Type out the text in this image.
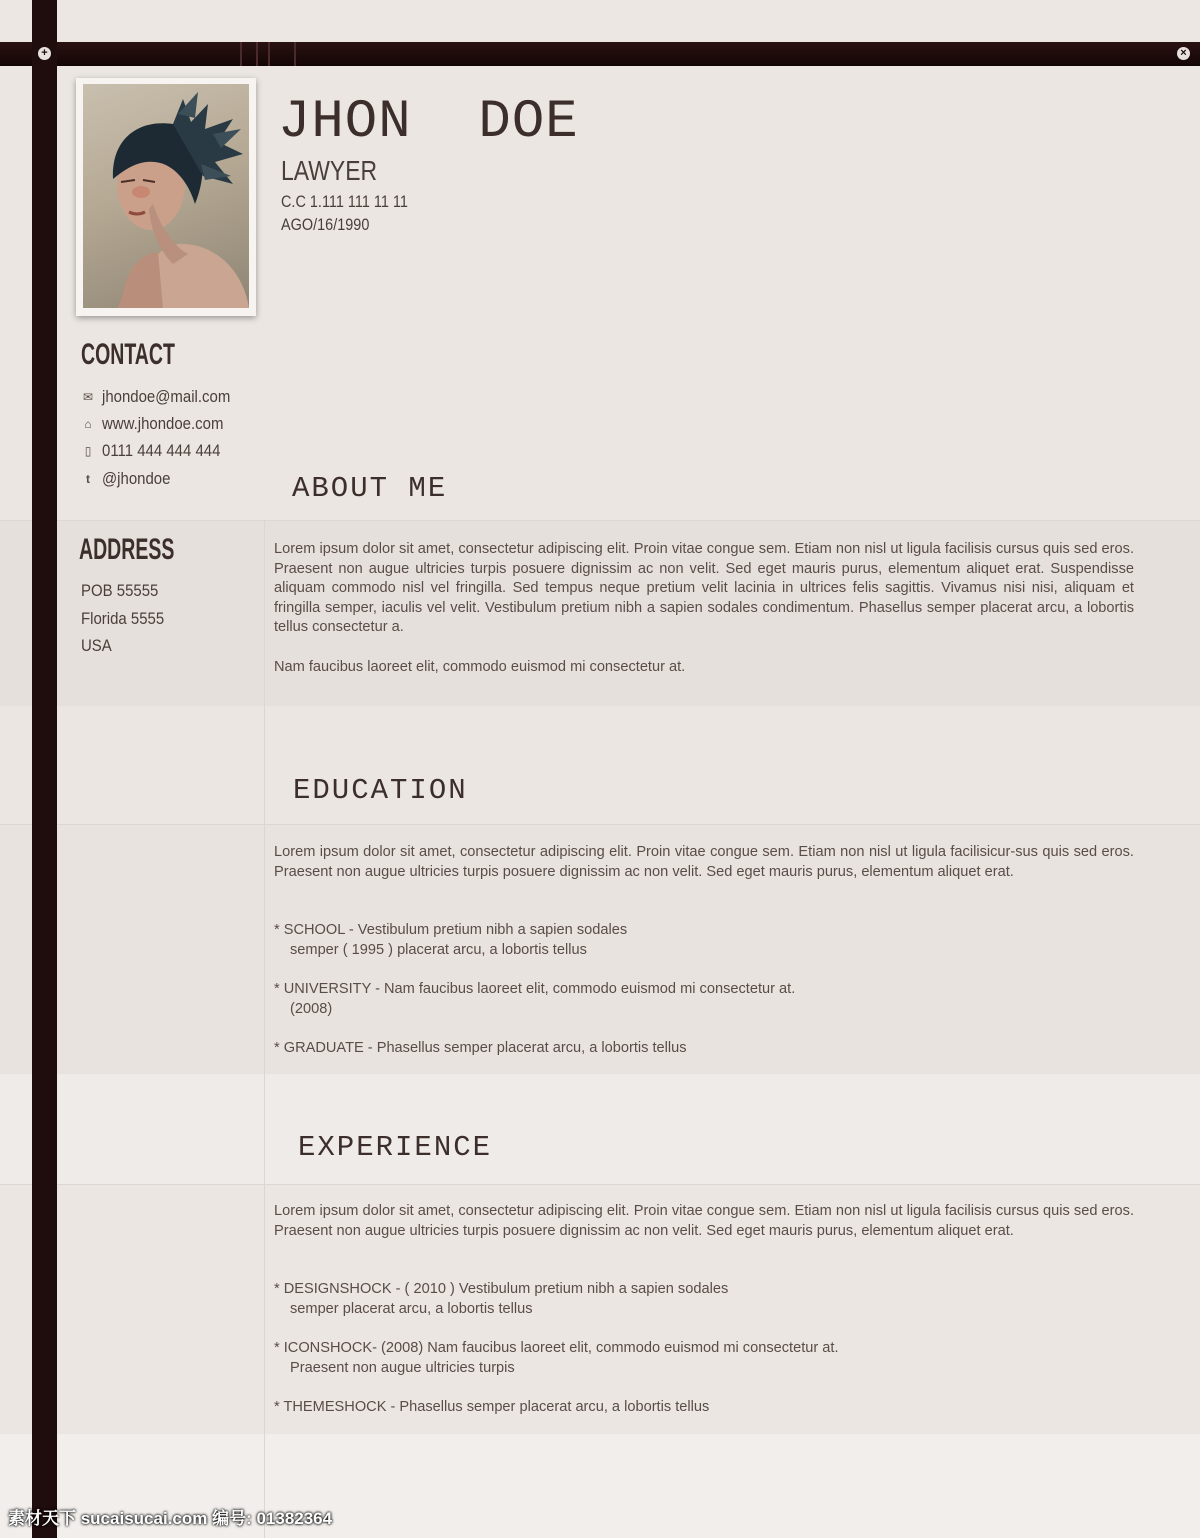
+	×
JHON  DOE
LAWYER
C.C 1.111 111 11 11
AGO/16/1990
CONTACT
✉ jhondoe@mail.com
⌂ www.jhondoe.com
▯ 0111 444 444 444
t @jhondoe
ADDRESS
POB 55555
Florida 5555
USA
ABOUT ME

Lorem ipsum dolor sit amet, consectetur adipiscing elit. Proin vitae congue sem. Etiam non nisl ut ligula facilisis cursus quis sed eros. Praesent non augue ultricies turpis posuere dignissim ac non velit. Sed eget mauris purus, elementum aliquet erat. Suspendisse aliquam commodo nisl vel fringilla. Sed tempus neque pretium velit lacinia in ultrices felis sagittis. Vivamus nisi nisi, aliquam et fringilla semper, iaculis vel velit. Vestibulum pretium nibh a sapien sodales condimentum. Phasellus semper placerat arcu, a lobortis tellus consectetur a.

Nam faucibus laoreet elit, commodo euismod mi consectetur at.

EDUCATION

Lorem ipsum dolor sit amet, consectetur adipiscing elit. Proin vitae congue sem. Etiam non nisl ut ligula facilisicur-sus quis sed eros. Praesent non augue ultricies turpis posuere dignissim ac non velit. Sed eget mauris purus, elementum aliquet erat.

* SCHOOL - Vestibulum pretium nibh a sapien sodales
semper ( 1995 ) placerat arcu, a lobortis tellus

* UNIVERSITY - Nam faucibus laoreet elit, commodo euismod mi consectetur at.
(2008)

* GRADUATE - Phasellus semper placerat arcu, a lobortis tellus

EXPERIENCE

Lorem ipsum dolor sit amet, consectetur adipiscing elit. Proin vitae congue sem. Etiam non nisl ut ligula facilisis cursus quis sed eros. Praesent non augue ultricies turpis posuere dignissim ac non velit. Sed eget mauris purus, elementum aliquet erat.

* DESIGNSHOCK - ( 2010 ) Vestibulum pretium nibh a sapien sodales
semper placerat arcu, a lobortis tellus

* ICONSHOCK- (2008) Nam faucibus laoreet elit, commodo euismod mi consectetur at.
Praesent non augue ultricies turpis

* THEMESHOCK - Phasellus semper placerat arcu, a lobortis tellus

素材天下 sucaisucai.com 编号: 01382364
